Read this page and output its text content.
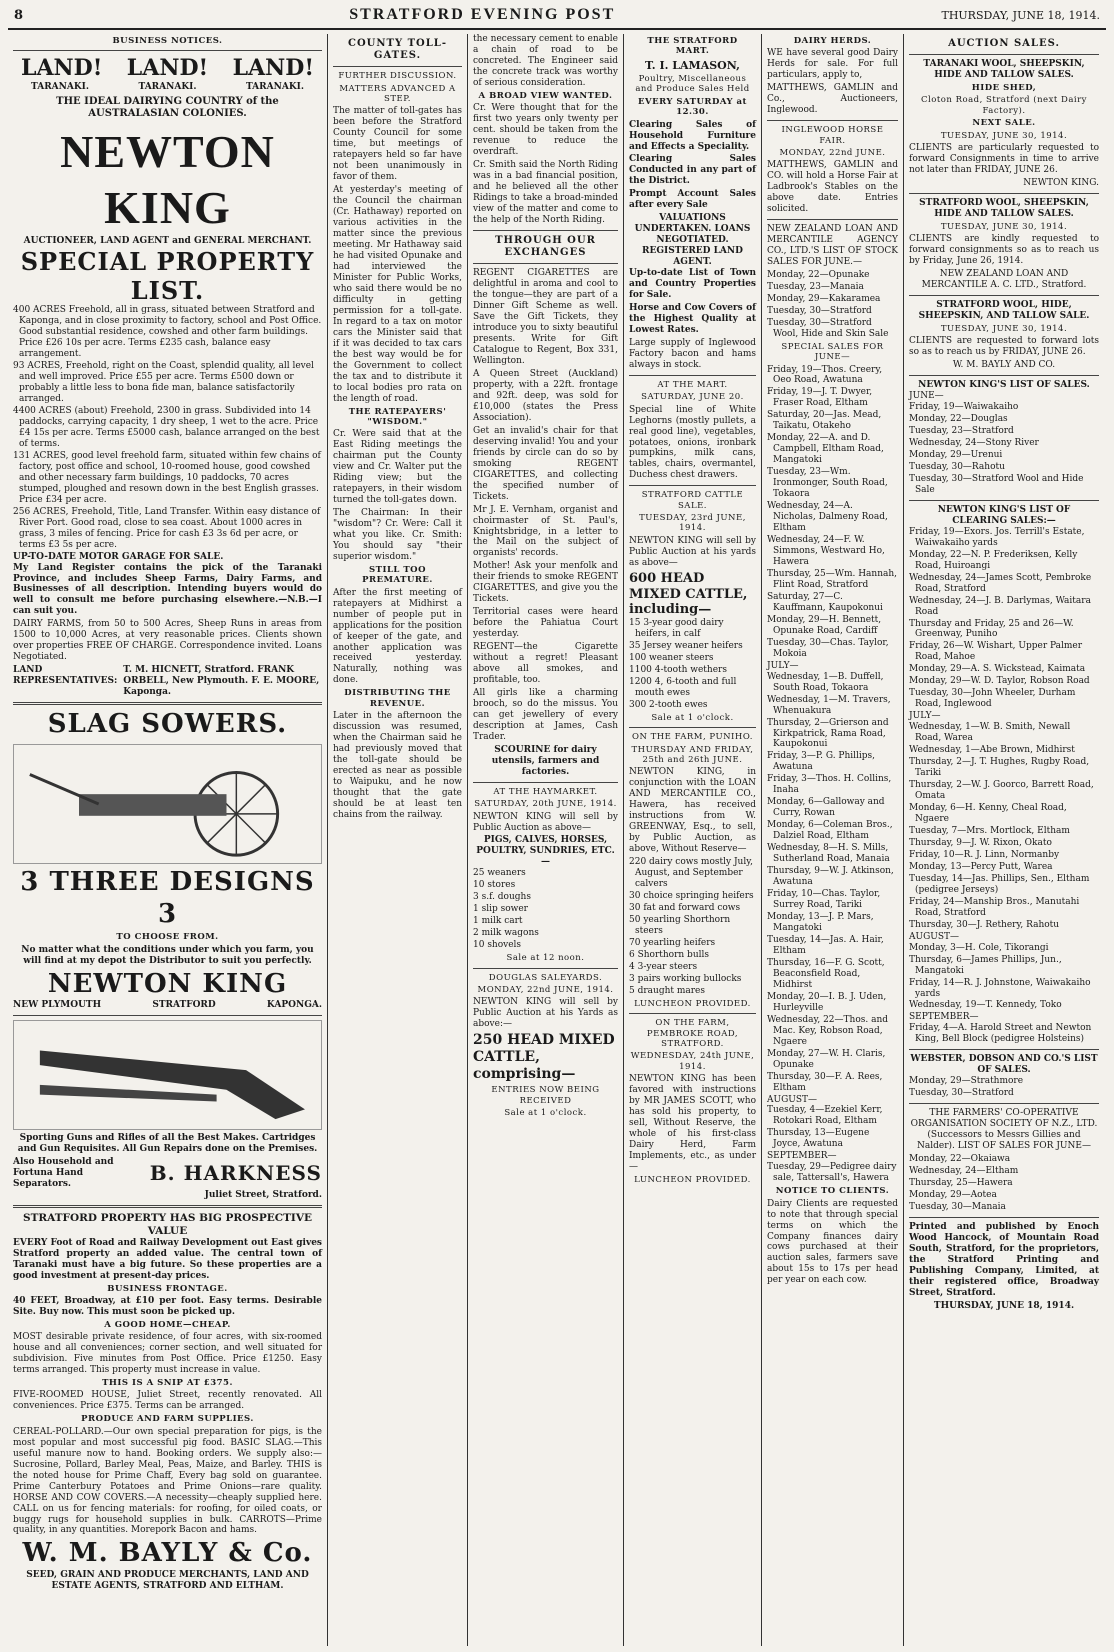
8	STRATFORD EVENING POST	THURSDAY, JUNE 18, 1914.
BUSINESS NOTICES.
LAND! LAND! LAND!
TARANAKI.	TARANAKI.	TARANAKI.
THE IDEAL DAIRYING COUNTRY of the AUSTRALASIAN COLONIES.
NEWTON KING
AUCTIONEER, LAND AGENT and GENERAL MERCHANT.
SPECIAL PROPERTY LIST.
400 ACRES Freehold, all in grass, situated between Stratford and Kaponga, and in close proximity to factory, school and Post Office. Good substantial residence, cowshed and other farm buildings. Price £26 10s per acre. Terms £235 cash, balance easy arrangement.
93 ACRES, Freehold, right on the Coast, splendid quality, all level and well improved. Price £55 per acre. Terms £500 down or probably a little less to bona fide man, balance satisfactorily arranged.
4400 ACRES (about) Freehold, 2300 in grass. Subdivided into 14 paddocks, carrying capacity, 1 dry sheep, 1 wet to the acre. Price £4 15s per acre. Terms £5000 cash, balance arranged on the best of terms.
131 ACRES, good level freehold farm, situated within few chains of factory, post office and school, 10-roomed house, good cowshed and other necessary farm buildings, 10 paddocks, 70 acres stumped, ploughed and resown down in the best English grasses. Price £34 per acre.
256 ACRES, Freehold, Title, Land Transfer. Within easy distance of River Port. Good road, close to sea coast. About 1000 acres in grass, 3 miles of fencing. Price for cash £3 3s 6d per acre, or terms £3 5s per acre.
UP-TO-DATE MOTOR GARAGE FOR SALE.

My Land Register contains the pick of the Taranaki Province, and includes Sheep Farms, Dairy Farms, and Businesses of all description. Intending buyers would do well to consult me before purchasing elsewhere.—N.B.—I can suit you.

DAIRY FARMS, from 50 to 500 Acres, Sheep Runs in areas from 1500 to 10,000 Acres, at very reasonable prices. Clients shown over properties FREE OF CHARGE. Correspondence invited. Loans Negotiated.

LAND REPRESENTATIVES:
T. M. HICNETT, Stratford. FRANK ORBELL, New Plymouth. F. E. MOORE, Kaponga.
SLAG SOWERS.
3 THREE DESIGNS 3
TO CHOOSE FROM.

No matter what the conditions under which you farm, you will find at my depot the Distributor to suit you perfectly.

NEWTON KING
NEW PLYMOUTH	STRATFORD	KAPONGA.

Sporting Guns and Rifles of all the Best Makes. Cartridges and Gun Requisites. All Gun Repairs done on the Premises.

Also Household and Fortuna Hand Separators.	B. HARKNESS
Juliet Street, Stratford.
STRATFORD PROPERTY HAS BIG PROSPECTIVE VALUE

EVERY Foot of Road and Railway Development out East gives Stratford property an added value. The central town of Taranaki must have a big future. So these properties are a good investment at present-day prices.

BUSINESS FRONTAGE.

40 FEET, Broadway, at £10 per foot. Easy terms. Desirable Site. Buy now. This must soon be picked up.

A GOOD HOME—CHEAP.

MOST desirable private residence, of four acres, with six-roomed house and all conveniences; corner section, and well situated for subdivision. Five minutes from Post Office. Price £1250. Easy terms arranged. This property must increase in value.

THIS IS A SNIP AT £375.

FIVE-ROOMED HOUSE, Juliet Street, recently renovated. All conveniences. Price £375. Terms can be arranged.

PRODUCE AND FARM SUPPLIES.

CEREAL-POLLARD.—Our own special preparation for pigs, is the most popular and most successful pig food. BASIC SLAG.—This useful manure now to hand. Booking orders. We supply also:—Sucrosine, Pollard, Barley Meal, Peas, Maize, and Barley. THIS is the noted house for Prime Chaff, Every bag sold on guarantee. Prime Canterbury Potatoes and Prime Onions—rare quality. HORSE AND COW COVERS.—A necessity—cheaply supplied here. CALL on us for fencing materials: for roofing, for oiled coats, or buggy rugs for household supplies in bulk. CARROTS—Prime quality, in any quantities. Morepork Bacon and hams.

W. M. BAYLY & Co.
SEED, GRAIN AND PRODUCE MERCHANTS, LAND AND ESTATE AGENTS, STRATFORD AND ELTHAM.
COUNTY TOLL-GATES.
FURTHER DISCUSSION.
MATTERS ADVANCED A STEP.

The matter of toll-gates has been before the Stratford County Council for some time, but meetings of ratepayers held so far have not been unanimously in favor of them.

At yesterday's meeting of the Council the chairman (Cr. Hathaway) reported on various activities in the matter since the previous meeting. Mr Hathaway said he had visited Opunake and had interviewed the Minister for Public Works, who said there would be no difficulty in getting permission for a toll-gate. In regard to a tax on motor cars the Minister said that if it was decided to tax cars the best way would be for the Government to collect the tax and to distribute it to local bodies pro rata on the length of road.

THE RATEPAYERS' "WISDOM."

Cr. Were said that at the East Riding meetings the chairman put the County view and Cr. Walter put the Riding view; but the ratepayers, in their wisdom turned the toll-gates down.

The Chairman: In their "wisdom"? Cr. Were: Call it what you like. Cr. Smith: You should say "their superior wisdom."

STILL TOO PREMATURE.

After the first meeting of ratepayers at Midhirst a number of people put in applications for the position of keeper of the gate, and another application was received yesterday. Naturally, nothing was done.

DISTRIBUTING THE REVENUE.

Later in the afternoon the discussion was resumed, when the Chairman said he had previously moved that the toll-gate should be erected as near as possible to Waipuku, and he now thought that the gate should be at least ten chains from the railway.

the necessary cement to enable a chain of road to be concreted. The Engineer said the concrete track was worthy of serious consideration.

A BROAD VIEW WANTED.

Cr. Were thought that for the first two years only twenty per cent. should be taken from the revenue to reduce the overdraft.

Cr. Smith said the North Riding was in a bad financial position, and he believed all the other Ridings to take a broad-minded view of the matter and come to the help of the North Riding.

THROUGH OUR EXCHANGES

REGENT CIGARETTES are delightful in aroma and cool to the tongue—they are part of a Dinner Gift Scheme as well. Save the Gift Tickets, they introduce you to sixty beautiful presents. Write for Gift Catalogue to Regent, Box 331, Wellington.

A Queen Street (Auckland) property, with a 22ft. frontage and 92ft. deep, was sold for £10,000 (states the Press Association).

Get an invalid's chair for that deserving invalid! You and your friends by circle can do so by smoking REGENT CIGARETTES, and collecting the specified number of Tickets.

Mr J. E. Vernham, organist and choirmaster of St. Paul's, Knightsbridge, in a letter to the Mail on the subject of organists' records.

Mother! Ask your menfolk and their friends to smoke REGENT CIGARETTES, and give you the Tickets.

Territorial cases were heard before the Pahiatua Court yesterday.

REGENT—the Cigarette without a regret! Pleasant above all smokes, and profitable, too.

All girls like a charming brooch, so do the missus. You can get jewellery of every description at James, Cash Trader.

SCOURINE for dairy utensils, farmers and factories.

AT THE HAYMARKET.
SATURDAY, 20th JUNE, 1914.

NEWTON KING will sell by Public Auction as above—

PIGS, CALVES, HORSES, POULTRY, SUNDRIES, ETC.—
25 weaners
10 stores
3 s.f. doughs
1 slip sower
1 milk cart
2 milk wagons
10 shovels
Sale at 12 noon.
DOUGLAS SALEYARDS.
MONDAY, 22nd JUNE, 1914.

NEWTON KING will sell by Public Auction at his Yards as above:—

250 HEAD MIXED CATTLE, comprising—
ENTRIES NOW BEING RECEIVED
Sale at 1 o'clock.
THE STRATFORD MART.
T. I. LAMASON,
Poultry, Miscellaneous and Produce Sales Held
EVERY SATURDAY at 12.30.

Clearing Sales of Household Furniture and Effects a Speciality.

Clearing Sales Conducted in any part of the District.

Prompt Account Sales after every Sale

VALUATIONS UNDERTAKEN. LOANS NEGOTIATED. REGISTERED LAND AGENT.

Up-to-date List of Town and Country Properties for Sale.

Horse and Cow Covers of the Highest Quality at Lowest Rates.

Large supply of Inglewood Factory bacon and hams always in stock.

AT THE MART.
SATURDAY, JUNE 20.

Special line of White Leghorns (mostly pullets, a real good line), vegetables, potatoes, onions, ironbark pumpkins, milk cans, tables, chairs, overmantel, Duchess chest drawers.

STRATFORD CATTLE SALE.
TUESDAY, 23rd JUNE, 1914.

NEWTON KING will sell by Public Auction at his yards as above—

600 HEAD MIXED CATTLE, including—
15 3-year good dairy heifers, in calf
35 Jersey weaner heifers
100 weaner steers
1100 4-tooth wethers
1200 4, 6-tooth and full mouth ewes
300 2-tooth ewes
Sale at 1 o'clock.
ON THE FARM, PUNIHO.
THURSDAY AND FRIDAY, 25th and 26th JUNE.

NEWTON KING, in conjunction with the LOAN AND MERCANTILE CO., Hawera, has received instructions from W. GREENWAY, Esq., to sell, by Public Auction, as above, Without Reserve—

220 dairy cows mostly July, August, and September calvers
30 choice springing heifers
30 fat and forward cows
50 yearling Shorthorn steers
70 yearling heifers
6 Shorthorn bulls
4 3-year steers
3 pairs working bullocks
5 draught mares
LUNCHEON PROVIDED.
ON THE FARM, PEMBROKE ROAD, STRATFORD.
WEDNESDAY, 24th JUNE, 1914.

NEWTON KING has been favored with instructions by MR JAMES SCOTT, who has sold his property, to sell, Without Reserve, the whole of his first-class Dairy Herd, Farm Implements, etc., as under—

LUNCHEON PROVIDED.
DAIRY HERDS.

WE have several good Dairy Herds for sale. For full particulars, apply to,

MATTHEWS, GAMLIN and Co., Auctioneers, Inglewood.

INGLEWOOD HORSE FAIR.
MONDAY, 22nd JUNE.

MATTHEWS, GAMLIN and CO. will hold a Horse Fair at Ladbrook's Stables on the above date. Entries solicited.

NEW ZEALAND LOAN AND MERCANTILE AGENCY CO., LTD.'S LIST OF STOCK SALES FOR JUNE.—

Monday, 22—Opunake
Tuesday, 23—Manaia
Monday, 29—Kakaramea
Tuesday, 30—Stratford
Tuesday, 30—Stratford Wool, Hide and Skin Sale
SPECIAL SALES FOR JUNE—
Friday, 19—Thos. Creery, Oeo Road, Awatuna
Friday, 19—J. T. Dwyer, Fraser Road, Eltham
Saturday, 20—Jas. Mead, Taikatu, Otakeho
Monday, 22—A. and D. Campbell, Eltham Road, Mangatoki
Tuesday, 23—Wm. Ironmonger, South Road, Tokaora
Wednesday, 24—A. Nicholas, Dalmeny Road, Eltham
Wednesday, 24—F. W. Simmons, Westward Ho, Hawera
Thursday, 25—Wm. Hannah, Flint Road, Stratford
Saturday, 27—C. Kauffmann, Kaupokonui
Monday, 29—H. Bennett, Opunake Road, Cardiff
Tuesday, 30—Chas. Taylor, Mokoia
JULY—
Wednesday, 1—B. Duffell, South Road, Tokaora
Wednesday, 1—M. Travers, Whenuakura
Thursday, 2—Grierson and Kirkpatrick, Rama Road, Kaupokonui
Friday, 3—P. G. Phillips, Awatuna
Friday, 3—Thos. H. Collins, Inaha
Monday, 6—Galloway and Curry, Rowan
Monday, 6—Coleman Bros., Dalziel Road, Eltham
Wednesday, 8—H. S. Mills, Sutherland Road, Manaia
Thursday, 9—W. J. Atkinson, Awatuna
Friday, 10—Chas. Taylor, Surrey Road, Tariki
Monday, 13—J. P. Mars, Mangatoki
Tuesday, 14—Jas. A. Hair, Eltham
Thursday, 16—F. G. Scott, Beaconsfield Road, Midhirst
Monday, 20—I. B. J. Uden, Hurleyville
Wednesday, 22—Thos. and Mac. Key, Robson Road, Ngaere
Monday, 27—W. H. Claris, Opunake
Thursday, 30—F. A. Rees, Eltham
AUGUST—
Tuesday, 4—Ezekiel Kerr, Rotokari Road, Eltham
Thursday, 13—Eugene Joyce, Awatuna
SEPTEMBER—
Tuesday, 29—Pedigree dairy sale, Tattersall's, Hawera
NOTICE TO CLIENTS.

Dairy Clients are requested to note that through special terms on which the Company finances dairy cows purchased at their auction sales, farmers save about 15s to 17s per head per year on each cow.

AUCTION SALES.
TARANAKI WOOL, SHEEPSKIN, HIDE AND TALLOW SALES.
HIDE SHED,
Cloton Road, Stratford (next Dairy Factory).
NEXT SALE.
TUESDAY, JUNE 30, 1914.

CLIENTS are particularly requested to forward Consignments in time to arrive not later than FRIDAY, JUNE 26.

NEWTON KING.
STRATFORD WOOL, SHEEPSKIN, HIDE AND TALLOW SALES.
TUESDAY, JUNE 30, 1914.

CLIENTS are kindly requested to forward consignments so as to reach us by Friday, June 26, 1914.

NEW ZEALAND LOAN AND MERCANTILE A. C. LTD., Stratford.
STRATFORD WOOL, HIDE, SHEEPSKIN, AND TALLOW SALE.
TUESDAY, JUNE 30, 1914.

CLIENTS are requested to forward lots so as to reach us by FRIDAY, JUNE 26.

W. M. BAYLY AND CO.
NEWTON KING'S LIST OF SALES.
JUNE—
Friday, 19—Waiwakaiho
Monday, 22—Douglas
Tuesday, 23—Stratford
Wednesday, 24—Stony River
Monday, 29—Urenui
Tuesday, 30—Rahotu
Tuesday, 30—Stratford Wool and Hide Sale
NEWTON KING'S LIST OF CLEARING SALES:—
Friday, 19—Exors. Jos. Terrill's Estate, Waiwakaiho yards
Monday, 22—N. P. Frederiksen, Kelly Road, Huiroangi
Wednesday, 24—James Scott, Pembroke Road, Stratford
Wednesday, 24—J. B. Darlymas, Waitara Road
Thursday and Friday, 25 and 26—W. Greenway, Puniho
Friday, 26—W. Wishart, Upper Palmer Road, Mahoe
Monday, 29—A. S. Wickstead, Kaimata
Monday, 29—W. D. Taylor, Robson Road
Tuesday, 30—John Wheeler, Durham Road, Inglewood
JULY—
Wednesday, 1—W. B. Smith, Newall Road, Warea
Wednesday, 1—Abe Brown, Midhirst
Thursday, 2—J. T. Hughes, Rugby Road, Tariki
Thursday, 2—W. J. Goorco, Barrett Road, Omata
Monday, 6—H. Kenny, Cheal Road, Ngaere
Tuesday, 7—Mrs. Mortlock, Eltham
Thursday, 9—J. W. Rixon, Okato
Friday, 10—R. J. Linn, Normanby
Monday, 13—Percy Putt, Warea
Tuesday, 14—Jas. Phillips, Sen., Eltham (pedigree Jerseys)
Friday, 24—Manship Bros., Manutahi Road, Stratford
Thursday, 30—J. Rethery, Rahotu
AUGUST—
Monday, 3—H. Cole, Tikorangi
Thursday, 6—James Phillips, Jun., Mangatoki
Friday, 14—R. J. Johnstone, Waiwakaiho yards
Wednesday, 19—T. Kennedy, Toko
SEPTEMBER—
Friday, 4—A. Harold Street and Newton King, Bell Block (pedigree Holsteins)
WEBSTER, DOBSON AND CO.'S LIST OF SALES.
Monday, 29—Strathmore
Tuesday, 30—Stratford

THE FARMERS' CO-OPERATIVE ORGANISATION SOCIETY OF N.Z., LTD. (Successors to Messrs Gillies and Nalder). LIST OF SALES FOR JUNE—

Monday, 22—Okaiawa
Wednesday, 24—Eltham
Thursday, 25—Hawera
Monday, 29—Aotea
Tuesday, 30—Manaia

Printed and published by Enoch Wood Hancock, of Mountain Road South, Stratford, for the proprietors, the Stratford Printing and Publishing Company, Limited, at their registered office, Broadway Street, Stratford.

THURSDAY, JUNE 18, 1914.
